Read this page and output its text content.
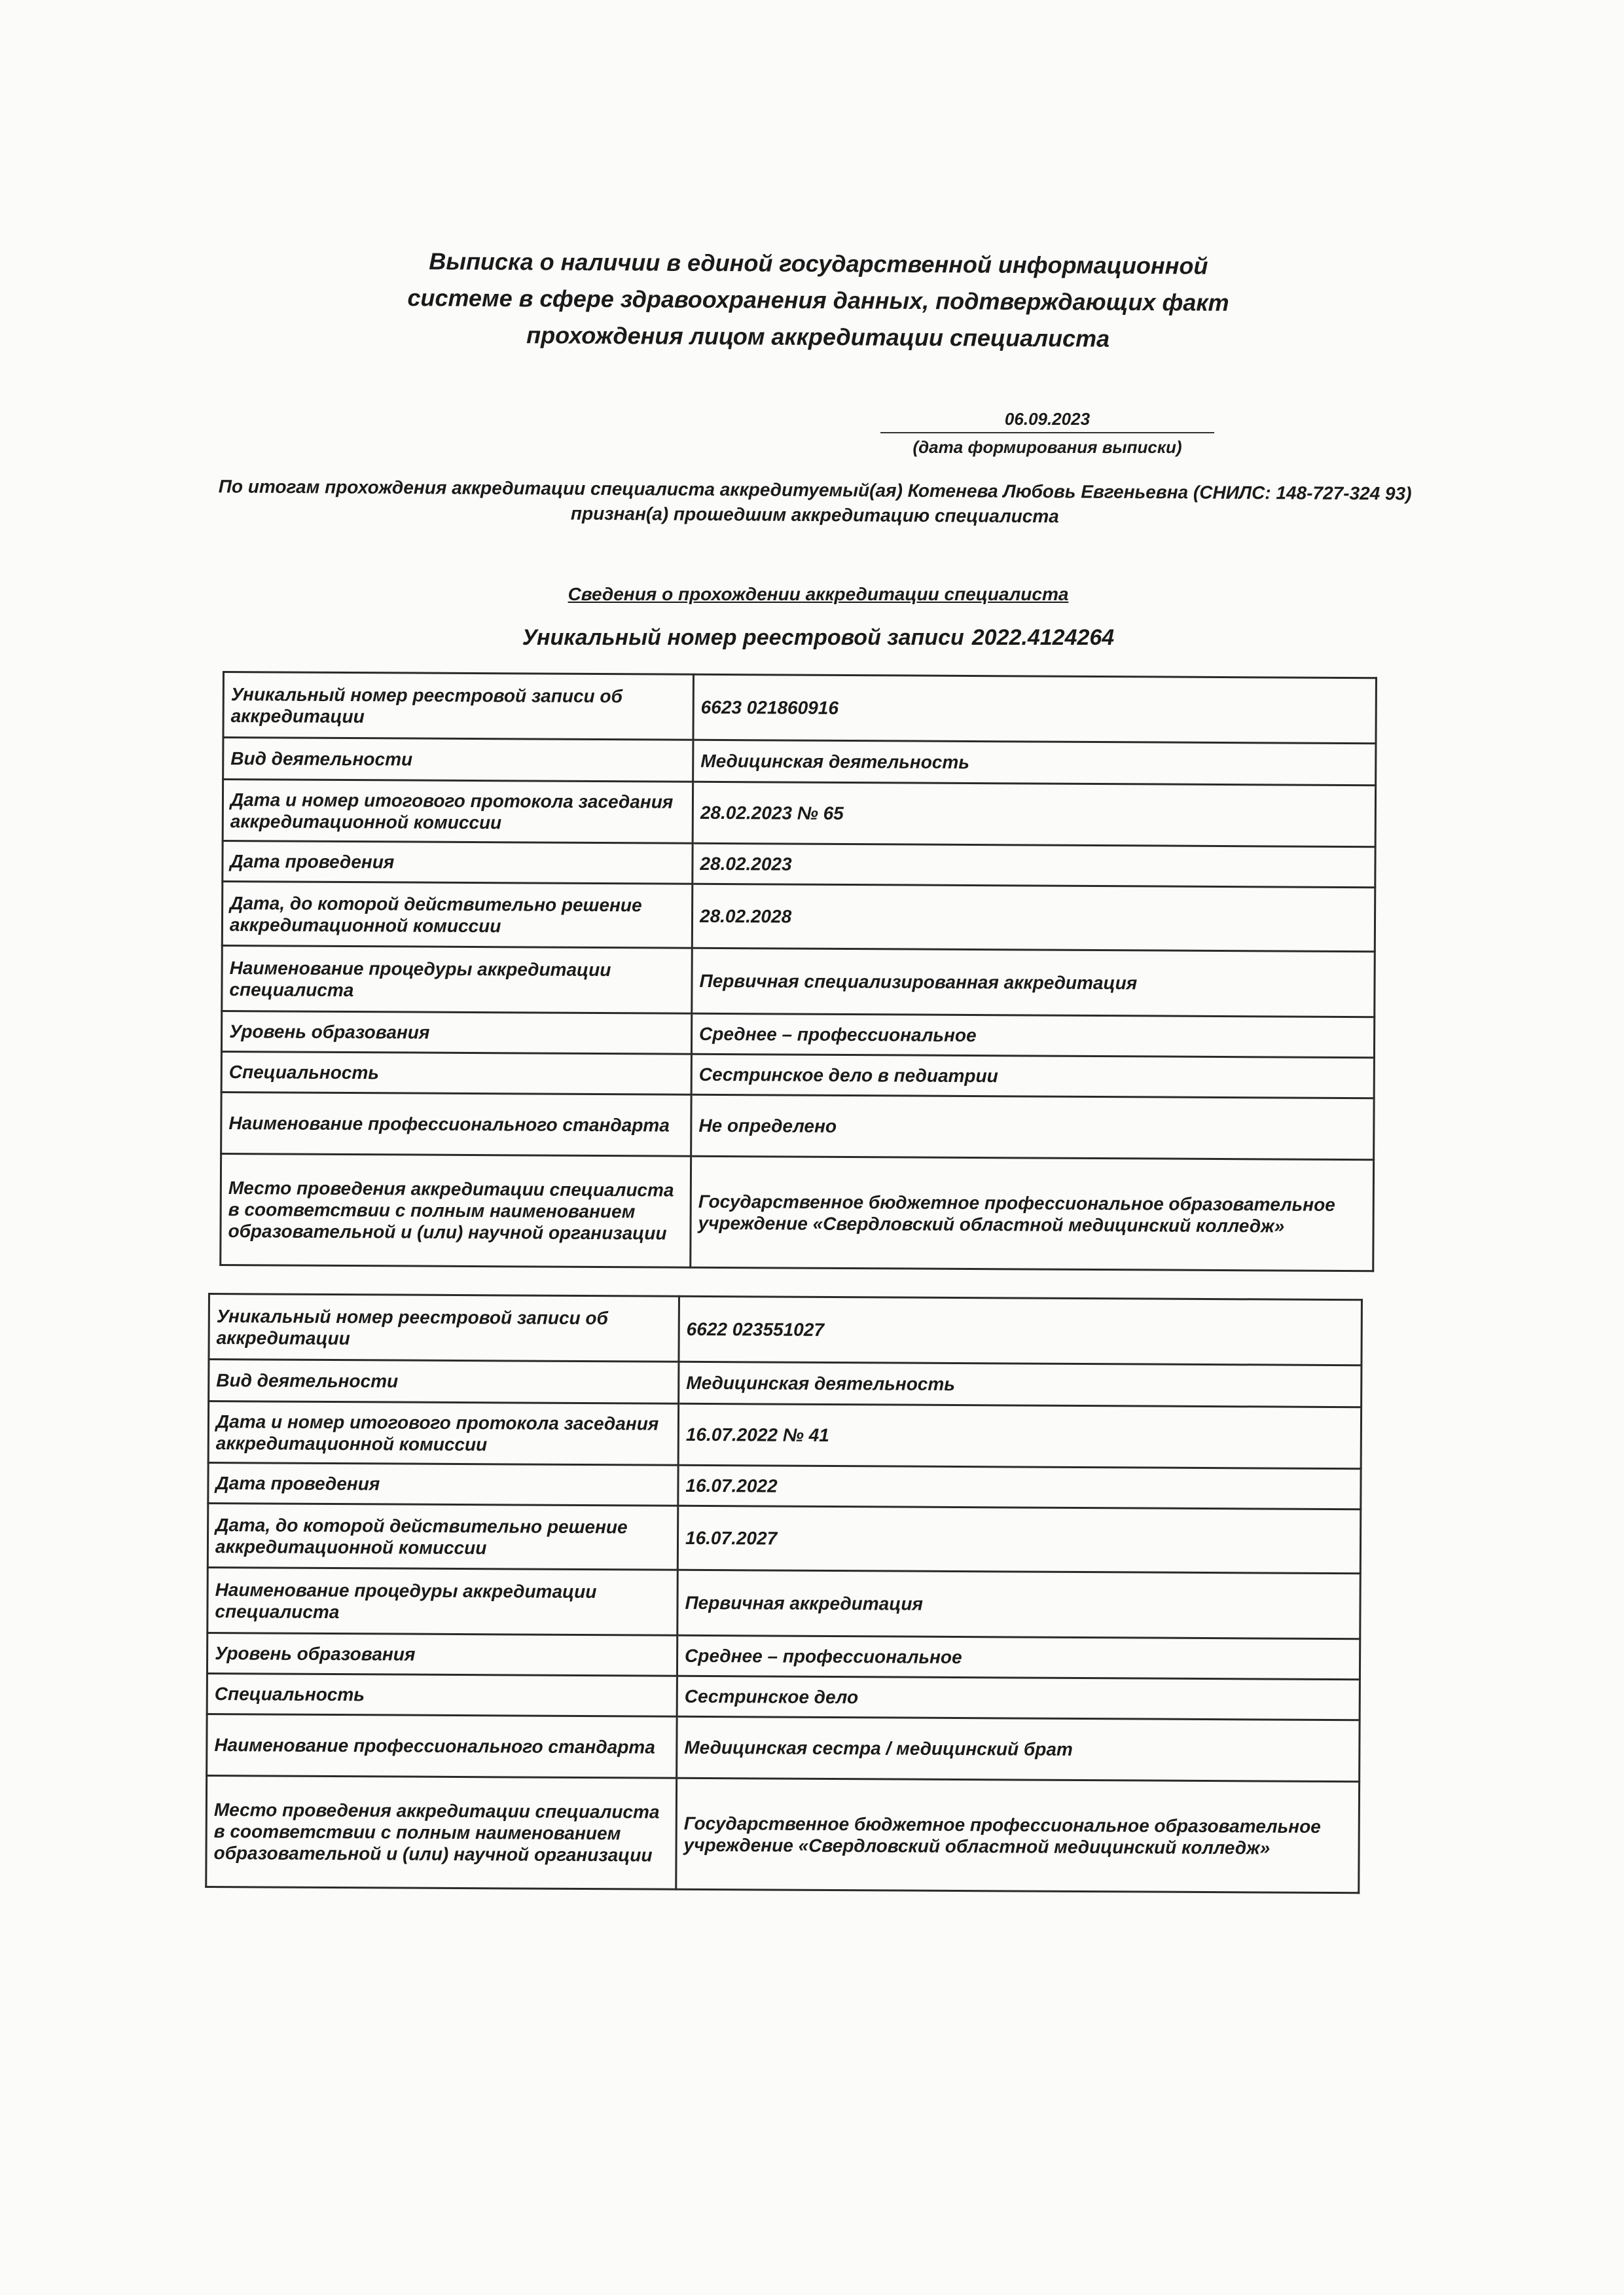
Выписка о наличии в единой государственной информационной
системе в сфере здравоохранения данных, подтверждающих факт
прохождения лицом аккредитации специалиста
06.09.2023
(дата формирования выписки)
По итогам прохождения аккредитации специалиста аккредитуемый(ая) Котенева Любовь Евгеньевна (СНИЛС: 148-727-324 93) признан(а) прошедшим аккредитацию специалиста
Сведения о прохождении аккредитации специалиста
Уникальный номер реестровой записи 2022.4124264
Уникальный номер реестровой записи об аккредитации	6623 021860916
Вид деятельности	Медицинская деятельность
Дата и номер итогового протокола заседания аккредитационной комиссии	28.02.2023 № 65
Дата проведения	28.02.2023
Дата, до которой действительно решение аккредитационной комиссии	28.02.2028
Наименование процедуры аккредитации специалиста	Первичная специализированная аккредитация
Уровень образования	Среднее – профессиональное
Специальность	Сестринское дело в педиатрии
Наименование профессионального стандарта	Не определено
Место проведения аккредитации специалиста в соответствии с полным наименованием образовательной и (или) научной организации	Государственное бюджетное профессиональное образовательное учреждение «Свердловский областной медицинский колледж»
Уникальный номер реестровой записи об аккредитации	6622 023551027
Вид деятельности	Медицинская деятельность
Дата и номер итогового протокола заседания аккредитационной комиссии	16.07.2022 № 41
Дата проведения	16.07.2022
Дата, до которой действительно решение аккредитационной комиссии	16.07.2027
Наименование процедуры аккредитации специалиста	Первичная аккредитация
Уровень образования	Среднее – профессиональное
Специальность	Сестринское дело
Наименование профессионального стандарта	Медицинская сестра / медицинский брат
Место проведения аккредитации специалиста в соответствии с полным наименованием образовательной и (или) научной организации	Государственное бюджетное профессиональное образовательное учреждение «Свердловский областной медицинский колледж»
